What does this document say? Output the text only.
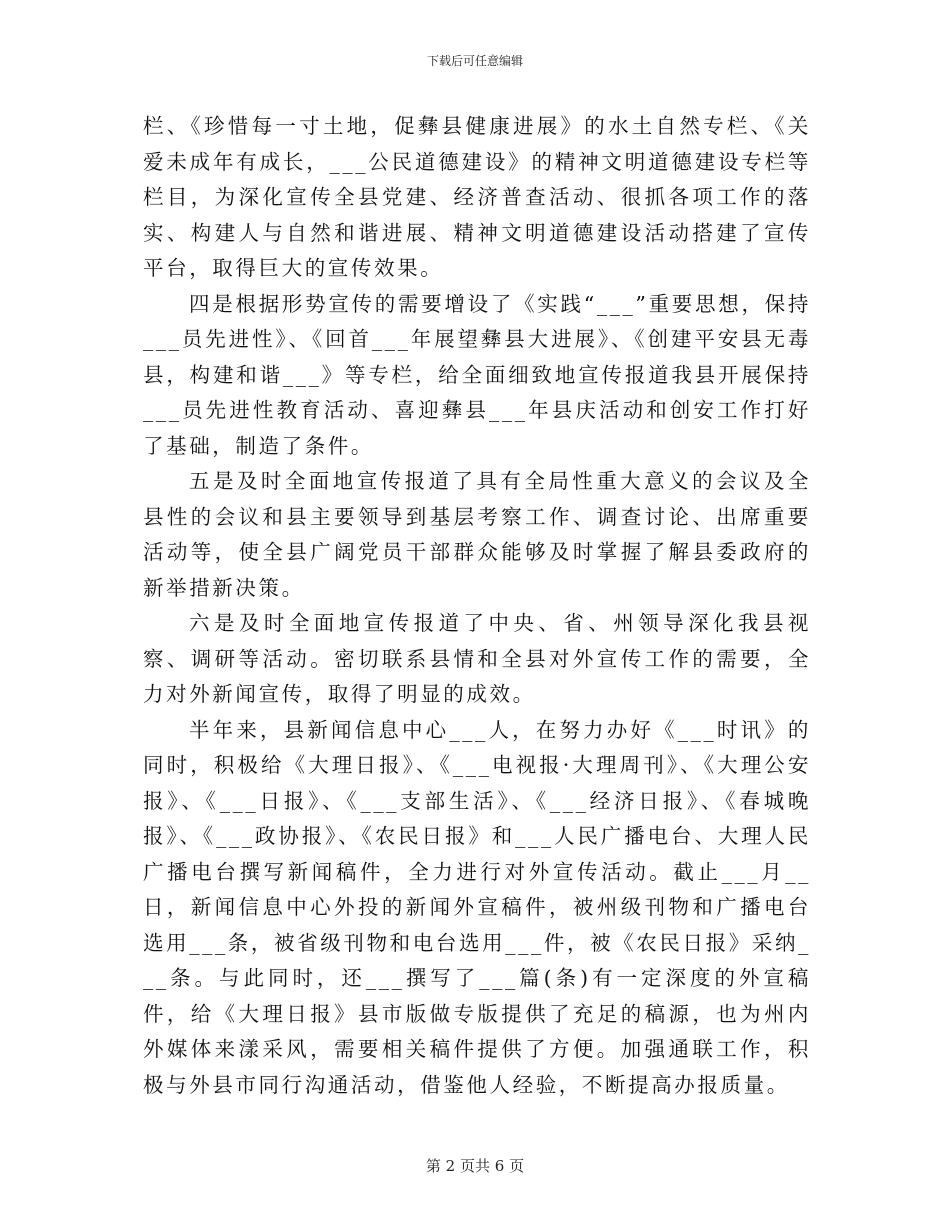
下载后可任意编辑

栏、《珍惜每一寸土地，促彝县健康进展》的水土自然专栏、《关爱未成年有成长，___公民道德建设》的精神文明道德建设专栏等栏目，为深化宣传全县党建、经济普查活动、很抓各项工作的落实、构建人与自然和谐进展、精神文明道德建设活动搭建了宣传平台，取得巨大的宣传效果。

四是根据形势宣传的需要增设了《实践“___”重要思想，保持___员先进性》、《回首___年展望彝县大进展》、《创建平安县无毒县，构建和谐___》等专栏，给全面细致地宣传报道我县开展保持___员先进性教育活动、喜迎彝县___年县庆活动和创安工作打好了基础，制造了条件。

五是及时全面地宣传报道了具有全局性重大意义的会议及全县性的会议和县主要领导到基层考察工作、调查讨论、出席重要活动等，使全县广阔党员干部群众能够及时掌握了解县委政府的新举措新决策。

六是及时全面地宣传报道了中央、省、州领导深化我县视察、调研等活动。密切联系县情和全县对外宣传工作的需要，全力对外新闻宣传，取得了明显的成效。

半年来，县新闻信息中心___人，在努力办好《___时讯》的同时，积极给《大理日报》、《___电视报·大理周刊》、《大理公安报》、《___日报》、《___支部生活》、《___经济日报》、《春城晚报》、《___政协报》、《农民日报》和___人民广播电台、大理人民广播电台撰写新闻稿件，全力进行对外宣传活动。截止___月__日，新闻信息中心外投的新闻外宣稿件，被州级刊物和广播电台选用___条，被省级刊物和电台选用___件，被《农民日报》采纳___条。与此同时，还___撰写了___篇(条)有一定深度的外宣稿件，给《大理日报》县市版做专版提供了充足的稿源，也为州内外媒体来漾采风，需要相关稿件提供了方便。加强通联工作，积极与外县市同行沟通活动，借鉴他人经验，不断提高办报质量。

第 2 页共 6 页
